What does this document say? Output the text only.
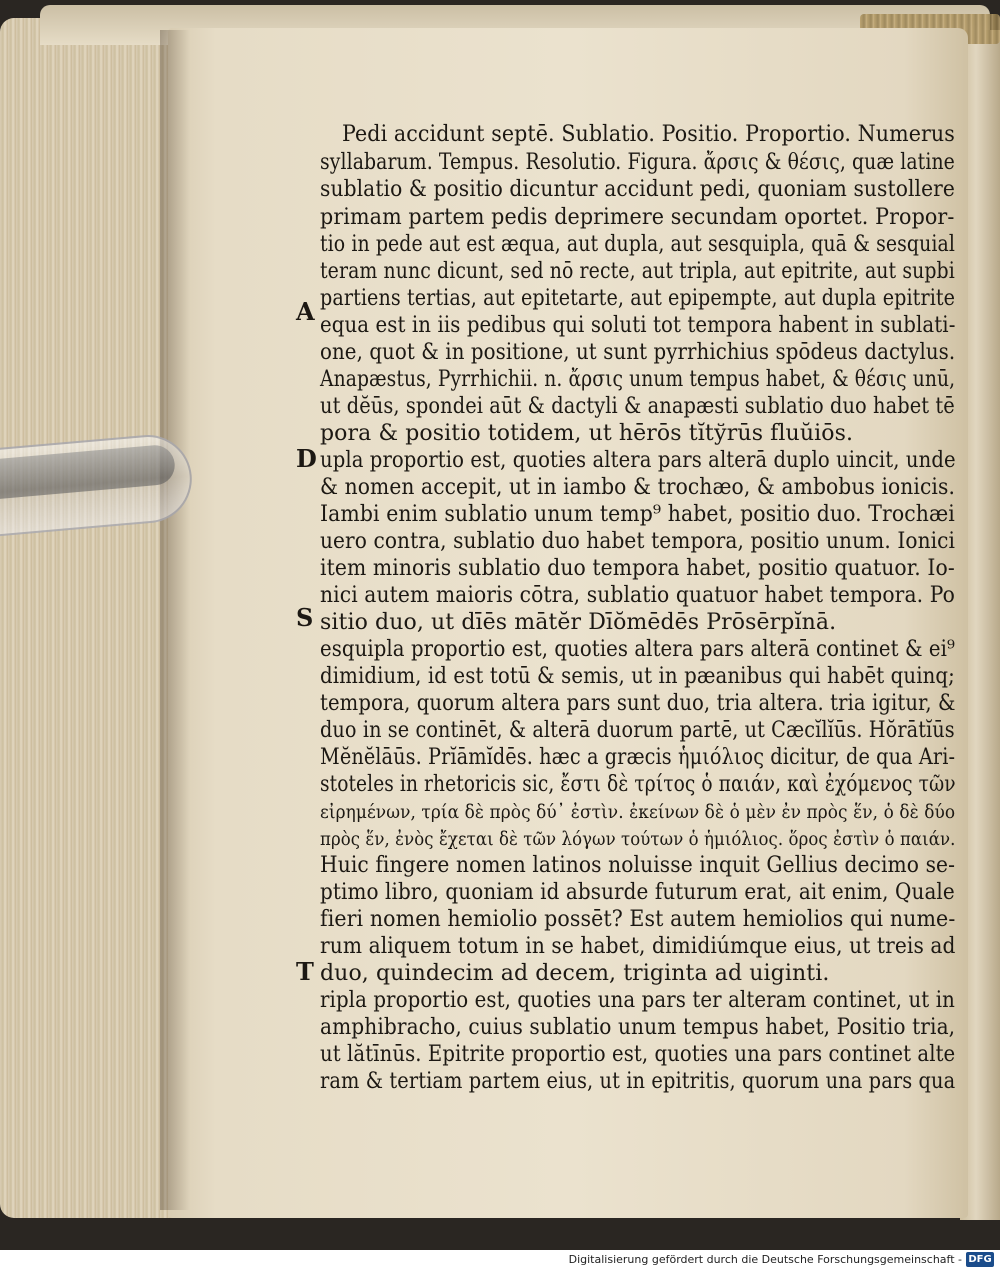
Pedi accidunt septē. Sublatio. Positio. Proportio. Numerus
syllabarum. Tempus. Resolutio. Figura. ἄρσις & θέσις, quæ latine
sublatio & positio dicuntur accidunt pedi, quoniam sustollere
primam partem pedis deprimere secundam oportet. Propor-
tio in pede aut est æqua, aut dupla, aut sesquipla, quā & sesquial
teram nunc dicunt, sed nō recte, aut tripla, aut epitrite, aut supbi
partiens tertias, aut epitetarte, aut epipempte, aut dupla epitrite
A equa est in iis pedibus qui soluti tot tempora habent in sublati-
one, quot & in positione, ut sunt pyrrhichius spōdeus dactylus.
Anapæstus, Pyrrhichii. n. ἄρσις unum tempus habet, & θέσις unū,
ut dĕūs, spondei aūt & dactyli & anapæsti sublatio duo habet tē
pora & positio totidem, ut hērōs tĭtўrūs fluŭiōs.
D upla proportio est, quoties altera pars alterā duplo uincit, unde
& nomen accepit, ut in iambo & trochæo, & ambobus ionicis.
Iambi enim sublatio unum temp⁹ habet, positio duo. Trochæi
uero contra, sublatio duo habet tempora, positio unum. Ionici
item minoris sublatio duo tempora habet, positio quatuor. Io-
nici autem maioris cōtra, sublatio quatuor habet tempora. Po
sitio duo, ut dīēs mātĕr Dīŏmēdēs Prōsērpĭnā.
S
esquipla proportio est, quoties altera pars alterā continet & ei⁹
dimidium, id est totū & semis, ut in pæanibus qui habēt quinq;
tempora, quorum altera pars sunt duo, tria altera. tria igitur, &
duo in se continēt, & alterā duorum partē, ut Cæcĭlĭūs. Hŏrātĭūs
Mĕnĕlāūs. Prĭāmĭdēs. hæc a græcis ἡμιόλιος dicitur, de qua Ari-
stoteles in rhetoricis sic, ἔστι δὲ τρίτος ὁ παιάν, καὶ ἐχόμενος τῶν
εἰρημένων, τρία δὲ πρὸς δύ᾽ ἐστὶν. ἐκείνων δὲ ὁ μὲν ἐν πρὸς ἕν, ὁ δὲ δύο
πρὸς ἕν, ἐνὸς ἔχεται δὲ τῶν λόγων τούτων ὁ ἡμιόλιος. ὅρος ἐστὶν ὁ παιάν.
Huic fingere nomen latinos noluisse inquit Gellius decimo se-
ptimo libro, quoniam id absurde futurum erat, ait enim, Quale
fieri nomen hemiolio possēt? Est autem hemiolios qui nume-
rum aliquem totum in se habet, dimidiúmque eius, ut treis ad
duo, quindecim ad decem, triginta ad uiginti.
T
ripla proportio est, quoties una pars ter alteram continet, ut in
amphibracho, cuius sublatio unum tempus habet, Positio tria,
ut lătīnūs. Epitrite proportio est, quoties una pars continet alte
ram & tertiam partem eius, ut in epitritis, quorum una pars qua
Digitalisierung gefördert durch die Deutsche Forschungsgemeinschaft - DFG
